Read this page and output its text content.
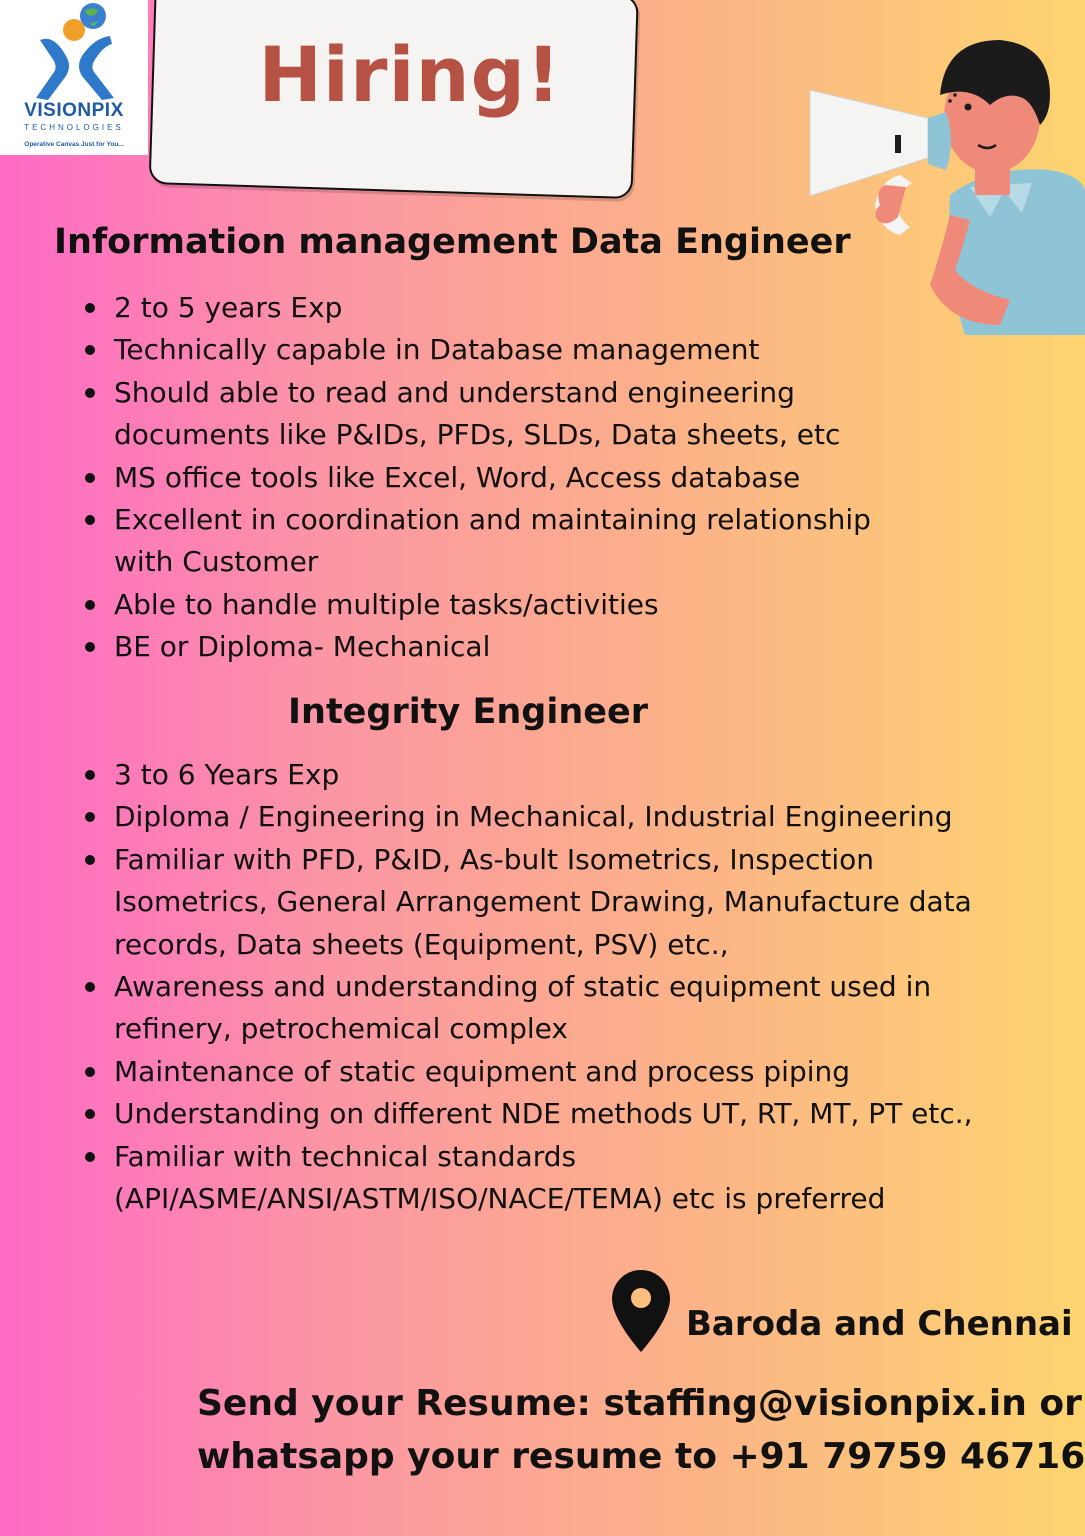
VISIONPIX
TECHNOLOGIES
Operative Canvas Just for You...
Hiring!
Information management Data Engineer
2 to 5 years Exp
Technically capable in Database management
Should able to read and understand engineering documents like P&IDs, PFDs, SLDs, Data sheets, etc
MS office tools like Excel, Word, Access database
Excellent in coordination and maintaining relationship with Customer
Able to handle multiple tasks/activities
BE or Diploma- Mechanical
Integrity Engineer
3 to 6 Years Exp
Diploma / Engineering in Mechanical, Industrial Engineering
Familiar with PFD, P&ID, As-bult Isometrics, Inspection Isometrics, General Arrangement Drawing, Manufacture data records, Data sheets (Equipment, PSV) etc.,
Awareness and understanding of static equipment used in refinery, petrochemical complex
Maintenance of static equipment and process piping
Understanding on different NDE methods UT, RT, MT, PT etc.,
Familiar with technical standards (API/ASME/ANSI/ASTM/ISO/NACE/TEMA) etc is preferred
Baroda and Chennai
Send your Resume: staffing@visionpix.in or
whatsapp your resume to +91 79759 46716
